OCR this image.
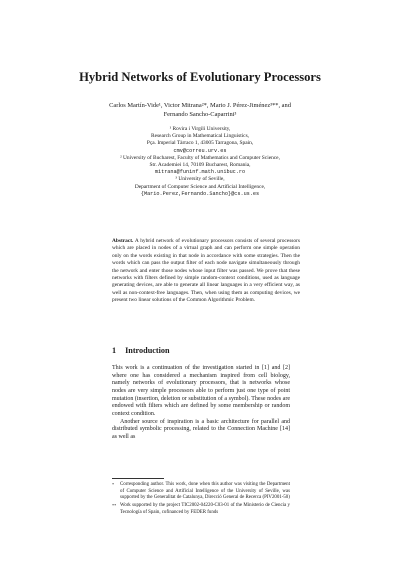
Hybrid Networks of Evolutionary Processors
Carlos Martín-Vide¹, Victor Mitrana²*, Mario J. Pérez-Jiménez³**, and
Fernando Sancho-Caparrini³
¹ Rovira i Virgili University,
Research Group in Mathematical Linguistics,
Pça. Imperial Tàrraco 1, 43005 Tarragona, Spain,
cmv@correu.urv.es
² University of Bucharest, Faculty of Mathematics and Computer Science,
Str. Academiei 14, 70109 Bucharest, Romania,
mitrana@funinf.math.unibuc.ro
³ University of Seville,
Department of Computer Science and Artificial Intelligence,
{Mario.Perez,Fernando.Sancho}@cs.us.es
Abstract. A hybrid network of evolutionary processors consists of several processors which are placed in nodes of a virtual graph and can perform one simple operation only on the words existing in that node in accordance with some strategies. Then the words which can pass the output filter of each node navigate simultaneously through the network and enter those nodes whose input filter was passed. We prove that these networks with filters defined by simple random-context conditions, used as language generating devices, are able to generate all linear languages in a very efficient way, as well as non-context-free languages. Then, when using them as computing devices, we present two linear solutions of the Common Algorithmic Problem.
1 Introduction

This work is a continuation of the investigation started in [1] and [2] where one has considered a mechanism inspired from cell biology, namely networks of evolutionary processors, that is networks whose nodes are very simple processors able to perform just one type of point mutation (insertion, deletion or substitution of a symbol). These nodes are endowed with filters which are defined by some membership or random context condition.

Another source of inspiration is a basic architecture for parallel and distributed symbolic processing, related to the Connection Machine [14] as well as

* Corresponding author. This work, done when this author was visiting the Department of Computer Science and Artificial Intelligence of the University of Seville, was supported by the Generalitat de Catalunya, Direcció General de Recerca (PIV2001-50)
** Work supported by the project TIC2002-04220-C03-01 of the Ministerio de Ciencia y Tecnología of Spain, cofinanced by FEDER funds
